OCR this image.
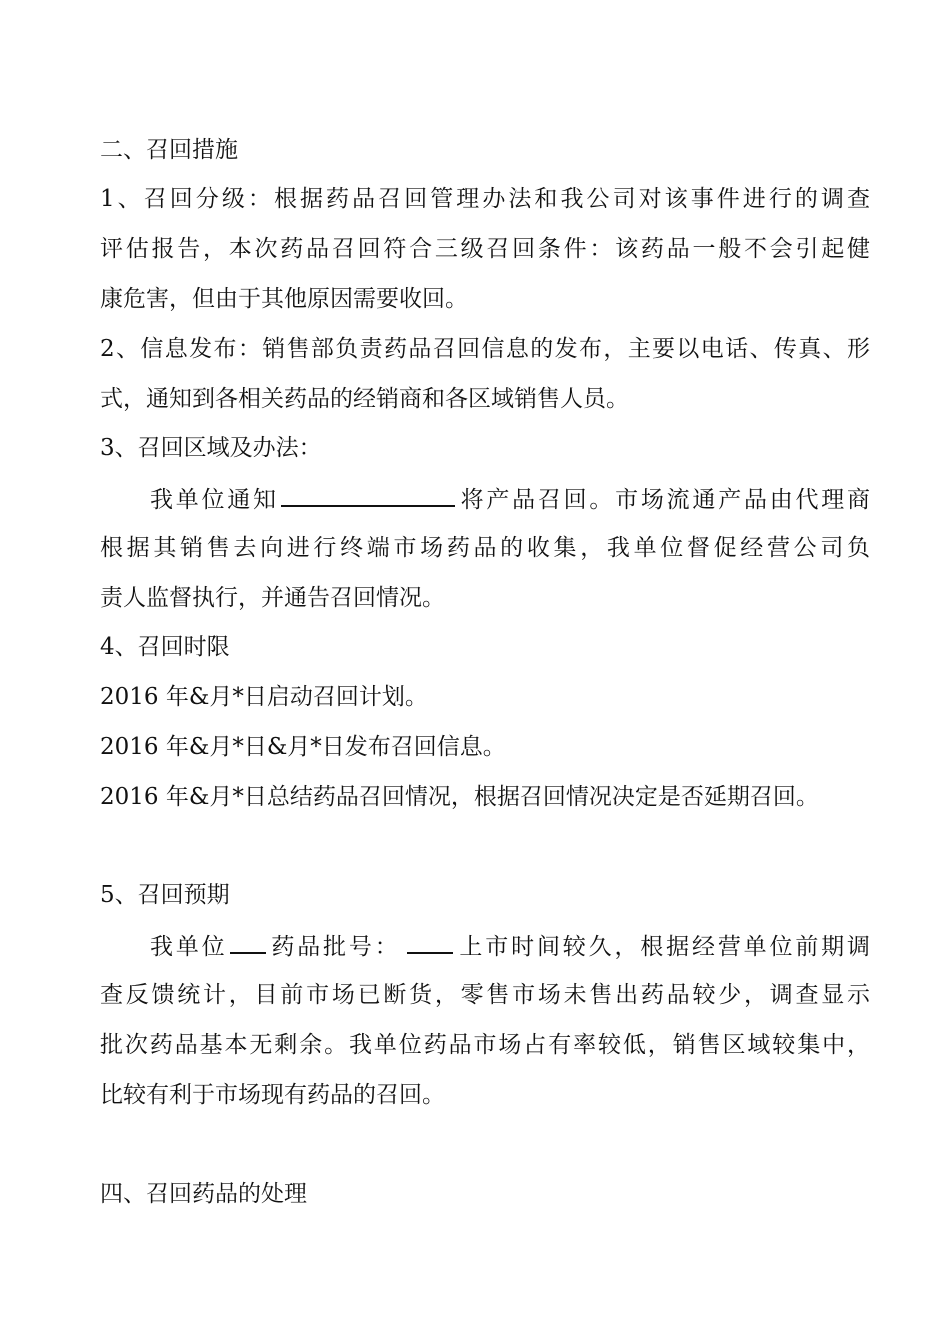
二、召回措施
1、召回分级：根据药品召回管理办法和我公司对该事件进行的调查
评估报告，本次药品召回符合三级召回条件：该药品一般不会引起健
康危害，但由于其他原因需要收回。
2、信息发布：销售部负责药品召回信息的发布，主要以电话、传真、形
式，通知到各相关药品的经销商和各区域销售人员。
3、召回区域及办法：
我单位通知	将产品召回。市场流通产品由代理商
根据其销售去向进行终端市场药品的收集，我单位督促经营公司负
责人监督执行，并通告召回情况。
4、召回时限
2016 年&月*日启动召回计划。
2016 年&月*日&月*日发布召回信息。
2016 年&月*日总结药品召回情况，根据召回情况决定是否延期召回。
5、召回预期
我单位 药品批号： 上市时间较久，根据经营单位前期调
查反馈统计，目前市场已断货，零售市场未售出药品较少，调查显示
批次药品基本无剩余。我单位药品市场占有率较低，销售区域较集中，
比较有利于市场现有药品的召回。
四、召回药品的处理
